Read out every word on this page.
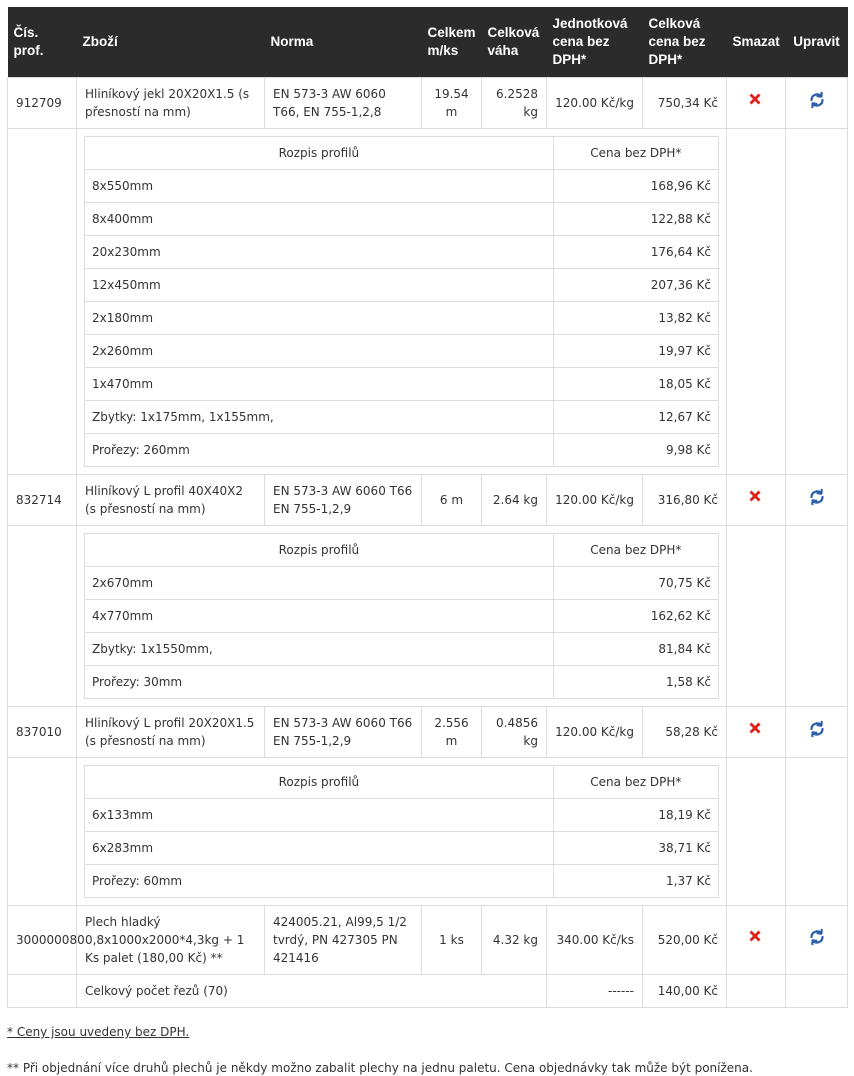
Čís. prof.	Zboží	Norma	Celkem m/ks	Celková váha	Jednotková cena bez DPH*	Celková cena bez DPH*	Smazat	Upravit
912709	Hliníkový jekl 20X20X1.5 (s přesností na mm)	EN 573-3 AW 6060 T66, EN 755-1,2,8	19.54 m	6.2528 kg	120.00 Kč/kg	750,34 Kč	

Rozpis profilů	Cena bez DPH*
8x550mm	168,96 Kč
8x400mm	122,88 Kč
20x230mm	176,64 Kč
12x450mm	207,36 Kč
2x180mm	13,82 Kč
2x260mm	19,97 Kč
1x470mm	18,05 Kč
Zbytky: 1x175mm, 1x155mm,	12,67 Kč
Prořezy: 260mm	9,98 Kč

832714	Hliníkový L profil 40X40X2 (s přesností na mm)	EN 573-3 AW 6060 T66 EN 755-1,2,9	6 m	2.64 kg	120.00 Kč/kg	316,80 Kč	

Rozpis profilů	Cena bez DPH*
2x670mm	70,75 Kč
4x770mm	162,62 Kč
Zbytky: 1x1550mm,	81,84 Kč
Prořezy: 30mm	1,58 Kč

837010	Hliníkový L profil 20X20X1.5 (s přesností na mm)	EN 573-3 AW 6060 T66 EN 755-1,2,9	2.556 m	0.4856 kg	120.00 Kč/kg	58,28 Kč	

Rozpis profilů	Cena bez DPH*
6x133mm	18,19 Kč
6x283mm	38,71 Kč
Prořezy: 60mm	1,37 Kč

300000080	Plech hladký 0,8x1000x2000*4,3kg + 1 Ks palet (180,00 Kč) **	424005.21, Al99,5 1/2 tvrdý, PN 427305 PN 421416	1 ks	4.32 kg	340.00 Kč/ks	520,00 Kč	

	Celkový počet řezů (70)	------	140,00 Kč		
* Ceny jsou uvedeny bez DPH.
** Při objednání více druhů plechů je někdy možno zabalit plechy na jednu paletu. Cena objednávky tak může být ponížena.
